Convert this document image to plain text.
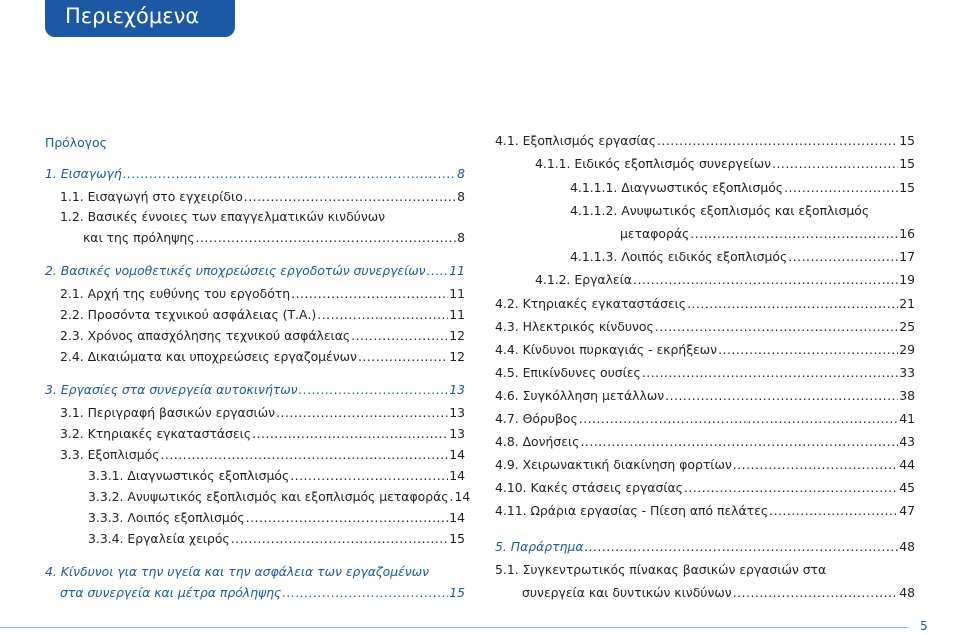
Περιεχόμενα
Πρόλογος
1. Εισαγωγή .....	8
1.1. Εισαγωγή στο εγχειρίδιο .....	8
1.2. Βασικές έννοιες των επαγγελματικών κινδύνων
και της πρόληψης .....	8
2. Βασικές νομοθετικές υποχρεώσεις εργοδοτών συνεργείων ..... 11
2.1. Αρχή της ευθύνης του εργοδότη .....	11
2.2. Προσόντα τεχνικού ασφάλειας (Τ.Α.) .....	11
2.3. Χρόνος απασχόλησης τεχνικού ασφάλειας .....	12
2.4. Δικαιώματα και υποχρεώσεις εργαζομένων .....	12
3. Εργασίες στα συνεργεία αυτοκινήτων .....	13
3.1. Περιγραφή βασικών εργασιών .....	13
3.2. Κτηριακές εγκαταστάσεις .....	13
3.3. Εξοπλισμός .....	14
3.3.1. Διαγνωστικός εξοπλισμός .....	14
3.3.2. Ανυψωτικός εξοπλισμός και εξοπλισμός μεταφοράς ..... 14
3.3.3. Λοιπός εξοπλισμός .....	14
3.3.4. Εργαλεία χειρός .....	15
4. Κίνδυνοι για την υγεία και την ασφάλεια των εργαζομένων
στα συνεργεία και μέτρα πρόληψης .....	15
4.1. Εξοπλισμός εργασίας .....	15
4.1.1. Ειδικός εξοπλισμός συνεργείων .....	15
4.1.1.1. Διαγνωστικός εξοπλισμός .....	15
4.1.1.2. Ανυψωτικός εξοπλισμός και εξοπλισμός
μεταφοράς .....	16
4.1.1.3. Λοιπός ειδικός εξοπλισμός .....	17
4.1.2. Εργαλεία .....	19
4.2. Κτηριακές εγκαταστάσεις .....	21
4.3. Ηλεκτρικός κίνδυνος .....	25
4.4. Κίνδυνοι πυρκαγιάς - εκρήξεων .....	29
4.5. Επικίνδυνες ουσίες .....	33
4.6. Συγκόλληση μετάλλων .....	38
4.7. Θόρυβος .....	41
4.8. Δονήσεις .....	43
4.9. Χειρωνακτική διακίνηση φορτίων .....	44
4.10. Κακές στάσεις εργασίας .....	45
4.11. Ωράρια εργασίας - Πίεση από πελάτες .....	47
5. Παράρτημα .....	48
5.1. Συγκεντρωτικός πίνακας βασικών εργασιών στα
συνεργεία και δυντικών κινδύνων .....	48
5
